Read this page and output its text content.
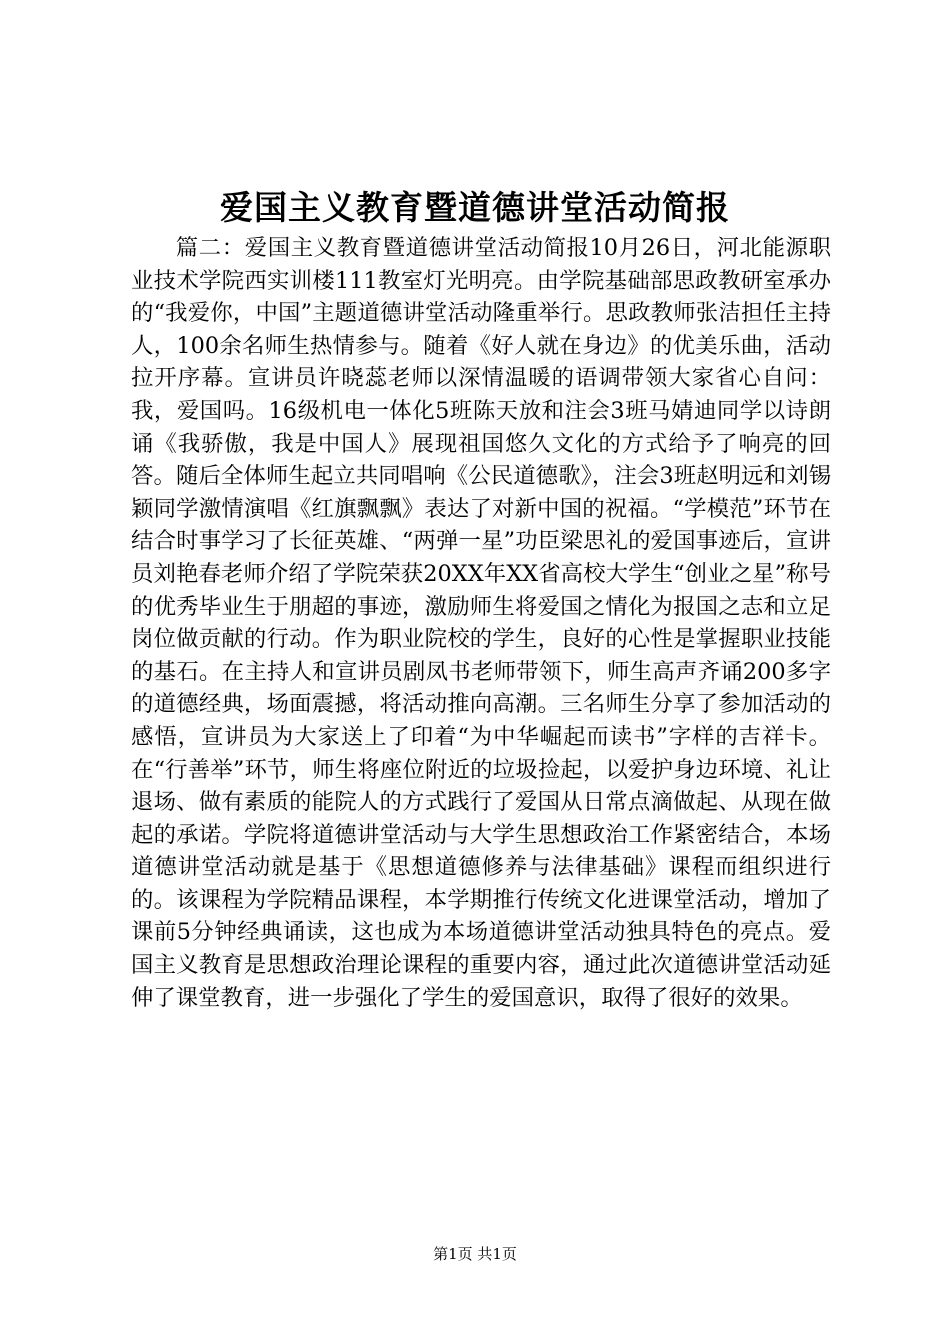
爱国主义教育暨道德讲堂活动简报

篇二：爱国主义教育暨道德讲堂活动简报10月26日，河北能源职业技术学院西实训楼111教室灯光明亮。由学院基础部思政教研室承办的“我爱你，中国”主题道德讲堂活动隆重举行。思政教师张洁担任主持人，100余名师生热情参与。随着《好人就在身边》的优美乐曲，活动拉开序幕。宣讲员许晓蕊老师以深情温暖的语调带领大家省心自问：我，爱国吗。16级机电一体化5班陈天放和注会3班马婧迪同学以诗朗诵《我骄傲，我是中国人》展现祖国悠久文化的方式给予了响亮的回答。随后全体师生起立共同唱响《公民道德歌》，注会3班赵明远和刘锡颖同学激情演唱《红旗飘飘》表达了对新中国的祝福。“学模范”环节在结合时事学习了长征英雄、“两弹一星”功臣梁思礼的爱国事迹后，宣讲员刘艳春老师介绍了学院荣获20XX年XX省高校大学生“创业之星”称号的优秀毕业生于朋超的事迹，激励师生将爱国之情化为报国之志和立足岗位做贡献的行动。作为职业院校的学生，良好的心性是掌握职业技能的基石。在主持人和宣讲员剧凤书老师带领下，师生高声齐诵200多字的道德经典，场面震撼，将活动推向高潮。三名师生分享了参加活动的感悟，宣讲员为大家送上了印着“为中华崛起而读书”字样的吉祥卡。在“行善举”环节，师生将座位附近的垃圾捡起，以爱护身边环境、礼让退场、做有素质的能院人的方式践行了爱国从日常点滴做起、从现在做起的承诺。学院将道德讲堂活动与大学生思想政治工作紧密结合，本场道德讲堂活动就是基于《思想道德修养与法律基础》课程而组织进行的。该课程为学院精品课程，本学期推行传统文化进课堂活动，增加了课前5分钟经典诵读，这也成为本场道德讲堂活动独具特色的亮点。爱国主义教育是思想政治理论课程的重要内容，通过此次道德讲堂活动延伸了课堂教育，进一步强化了学生的爱国意识，取得了很好的效果。

第1页 共1页
